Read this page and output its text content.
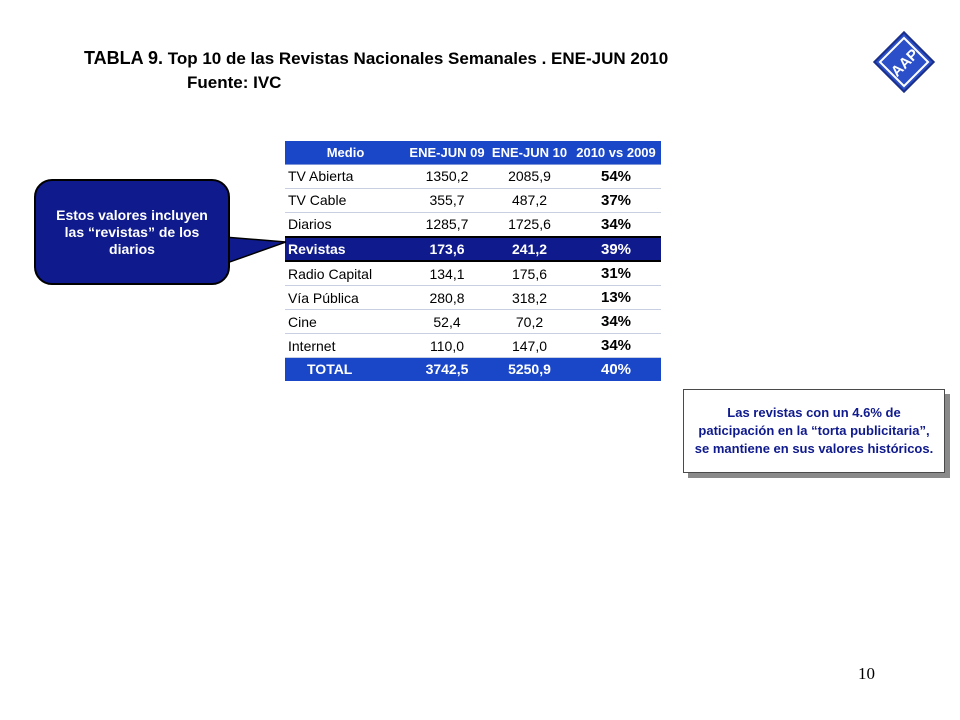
TABLA 9. Top 10 de las Revistas Nacionales Semanales . ENE-JUN 2010
Fuente: IVC
AAP
Medio	ENE-JUN 09	ENE-JUN 10	2010 vs 2009
TV Abierta	1350,2	2085,9	54%
TV Cable	355,7	487,2	37%
Diarios	1285,7	1725,6	34%
Revistas	173,6	241,2	39%
Radio Capital	134,1	175,6	31%
Vía Pública	280,8	318,2	13%
Cine	52,4	70,2	34%
Internet	110,0	147,0	34%
TOTAL	3742,5	5250,9	40%
Estos valores incluyen las “revistas” de los diarios
Las revistas con un 4.6% de paticipación en la “torta publicitaria”, se mantiene en sus valores históricos.
10
